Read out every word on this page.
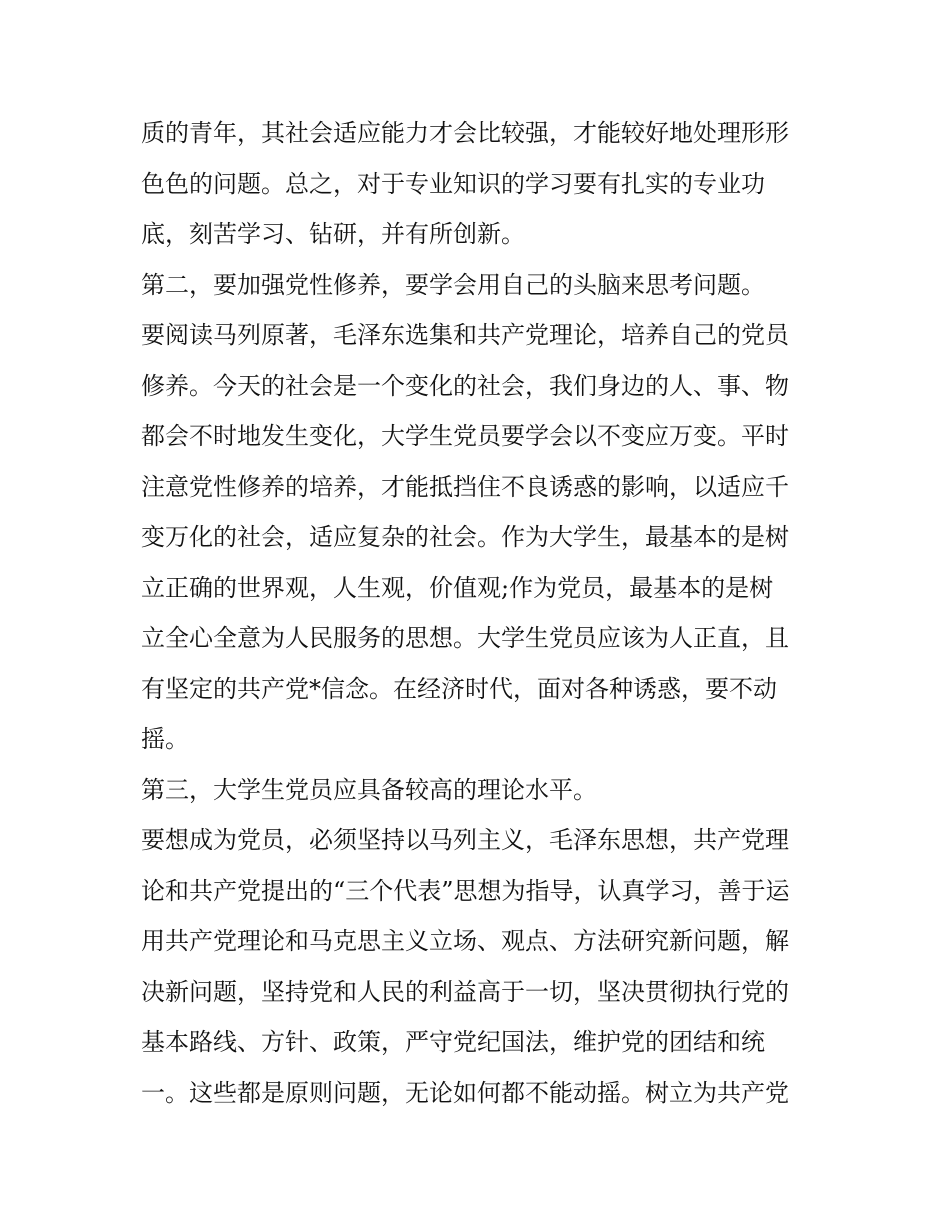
质的青年，其社会适应能力才会比较强，才能较好地处理形形
色色的问题。总之，对于专业知识的学习要有扎实的专业功
底，刻苦学习、钻研，并有所创新。
第二，要加强党性修养，要学会用自己的头脑来思考问题。
要阅读马列原著，毛泽东选集和共产党理论，培养自己的党员
修养。今天的社会是一个变化的社会，我们身边的人、事、物
都会不时地发生变化，大学生党员要学会以不变应万变。平时
注意党性修养的培养，才能抵挡住不良诱惑的影响，以适应千
变万化的社会，适应复杂的社会。作为大学生，最基本的是树
立正确的世界观，人生观，价值观;作为党员，最基本的是树
立全心全意为人民服务的思想。大学生党员应该为人正直，且
有坚定的共产党*信念。在经济时代，面对各种诱惑，要不动
摇。
第三，大学生党员应具备较高的理论水平。
要想成为党员，必须坚持以马列主义，毛泽东思想，共产党理
论和共产党提出的“三个代表”思想为指导，认真学习，善于运
用共产党理论和马克思主义立场、观点、方法研究新问题，解
决新问题，坚持党和人民的利益高于一切，坚决贯彻执行党的
基本路线、方针、政策，严守党纪国法，维护党的团结和统
一。这些都是原则问题，无论如何都不能动摇。树立为共产党
